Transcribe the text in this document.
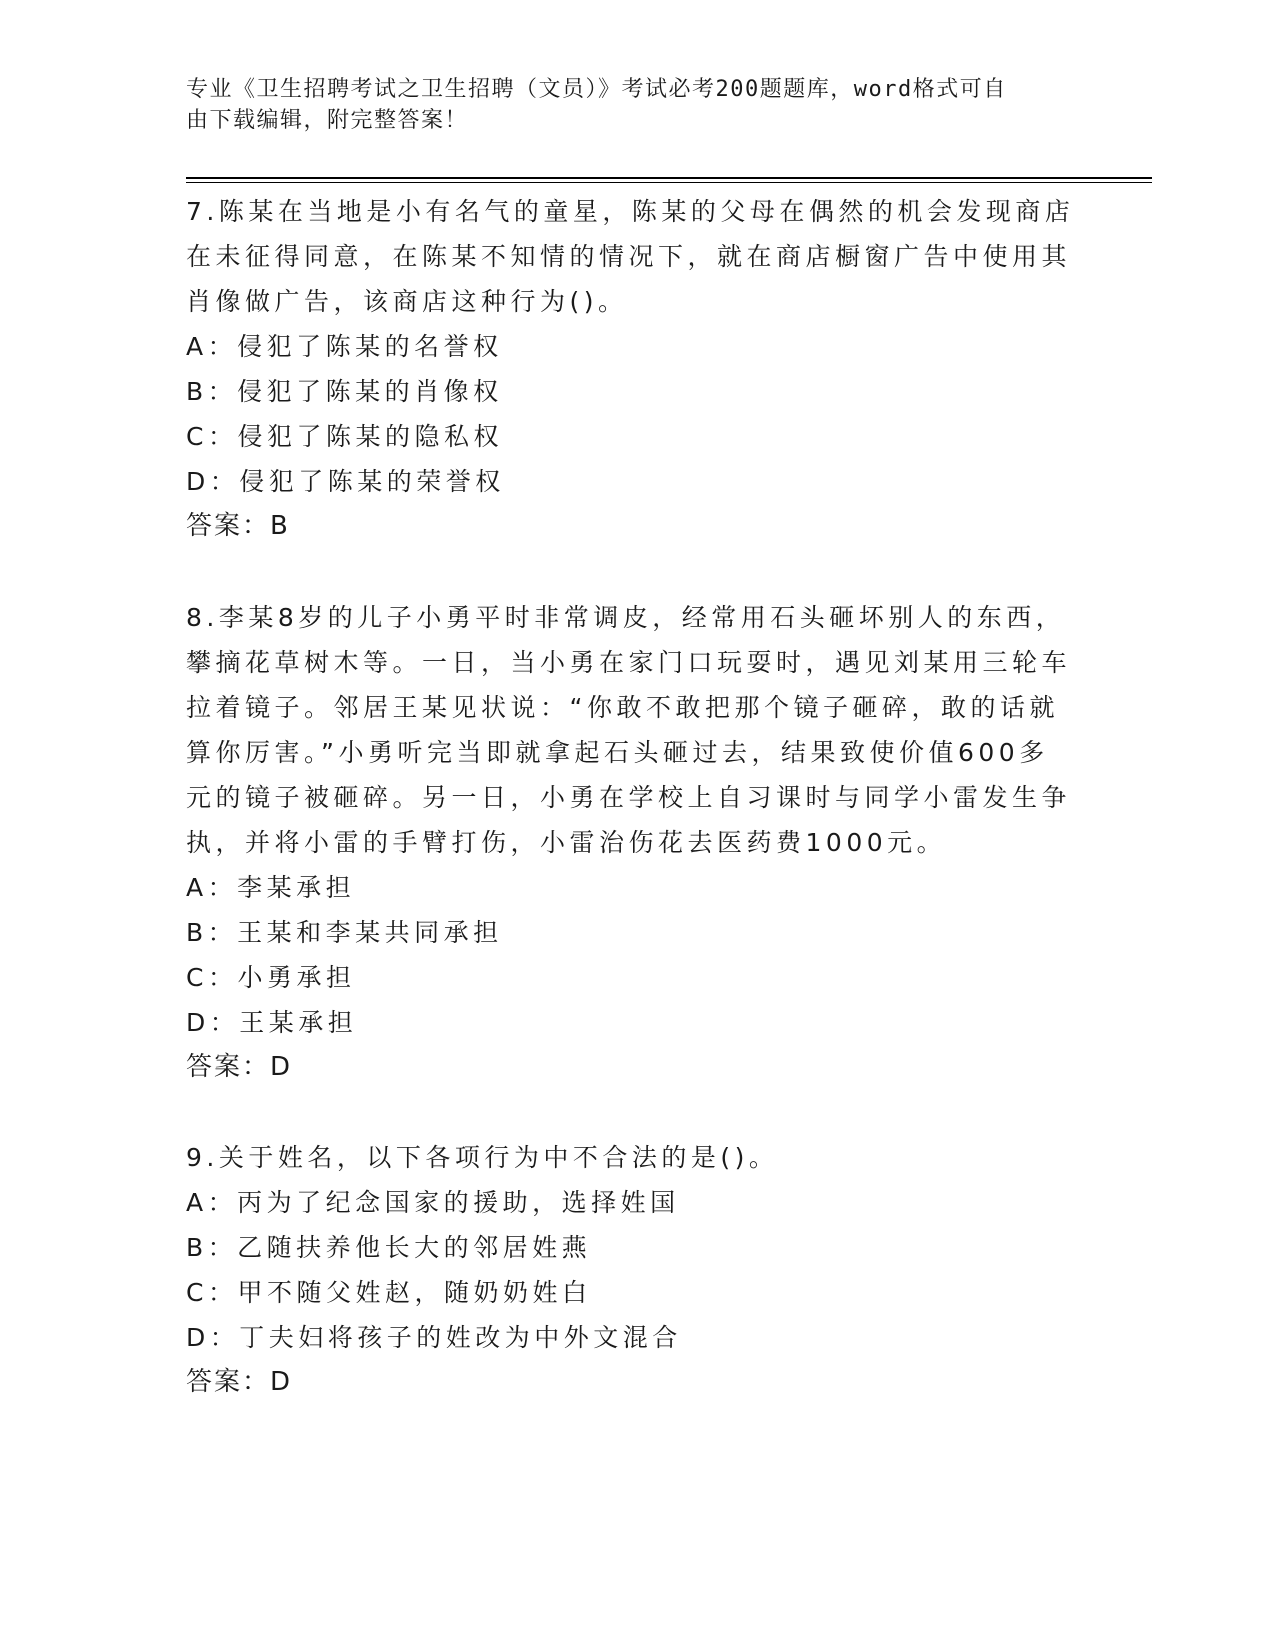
专业《卫生招聘考试之卫生招聘（文员）》考试必考200题题库，word格式可自
由下载编辑，附完整答案！

7.陈某在当地是小有名气的童星，陈某的父母在偶然的机会发现商店
在未征得同意，在陈某不知情的情况下，就在商店橱窗广告中使用其
肖像做广告，该商店这种行为()。

A：侵犯了陈某的名誉权

B：侵犯了陈某的肖像权

C：侵犯了陈某的隐私权

D：侵犯了陈某的荣誉权

答案：B

8.李某8岁的儿子小勇平时非常调皮，经常用石头砸坏别人的东西，
攀摘花草树木等。一日，当小勇在家门口玩耍时，遇见刘某用三轮车
拉着镜子。邻居王某见状说：“你敢不敢把那个镜子砸碎，敢的话就
算你厉害。”小勇听完当即就拿起石头砸过去，结果致使价值600多
元的镜子被砸碎。另一日，小勇在学校上自习课时与同学小雷发生争
执，并将小雷的手臂打伤，小雷治伤花去医药费1000元。

A：李某承担

B：王某和李某共同承担

C：小勇承担

D：王某承担

答案：D

9.关于姓名，以下各项行为中不合法的是()。

A：丙为了纪念国家的援助，选择姓国

B：乙随扶养他长大的邻居姓燕

C：甲不随父姓赵，随奶奶姓白

D：丁夫妇将孩子的姓改为中外文混合

答案：D
